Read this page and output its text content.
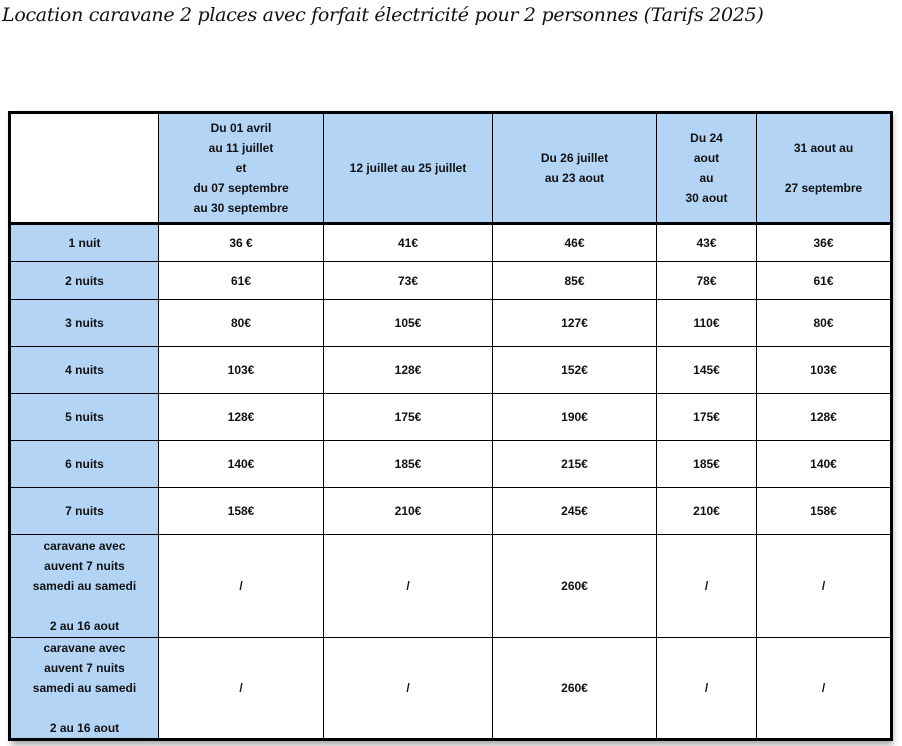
Location caravane 2 places avec forfait électricité pour 2 personnes (Tarifs 2025)
	Du 01 avril
au 11 juillet
et
du 07 septembre
au 30 septembre	12 juillet au 25 juillet	Du 26 juillet
au 23 aout	Du 24
aout
au
30 aout	31 aout au

27 septembre
1 nuit	36 €	41€	46€	43€	36€
2 nuits	61€	73€	85€	78€	61€
3 nuits	80€	105€	127€	110€	80€
4 nuits	103€	128€	152€	145€	103€
5 nuits	128€	175€	190€	175€	128€
6 nuits	140€	185€	215€	185€	140€
7 nuits	158€	210€	245€	210€	158€
caravane avec
auvent 7 nuits
samedi au samedi

2 au 16 aout	/	/	260€	/	/
caravane avec
auvent 7 nuits
samedi au samedi

2 au 16 aout	/	/	260€	/	/
